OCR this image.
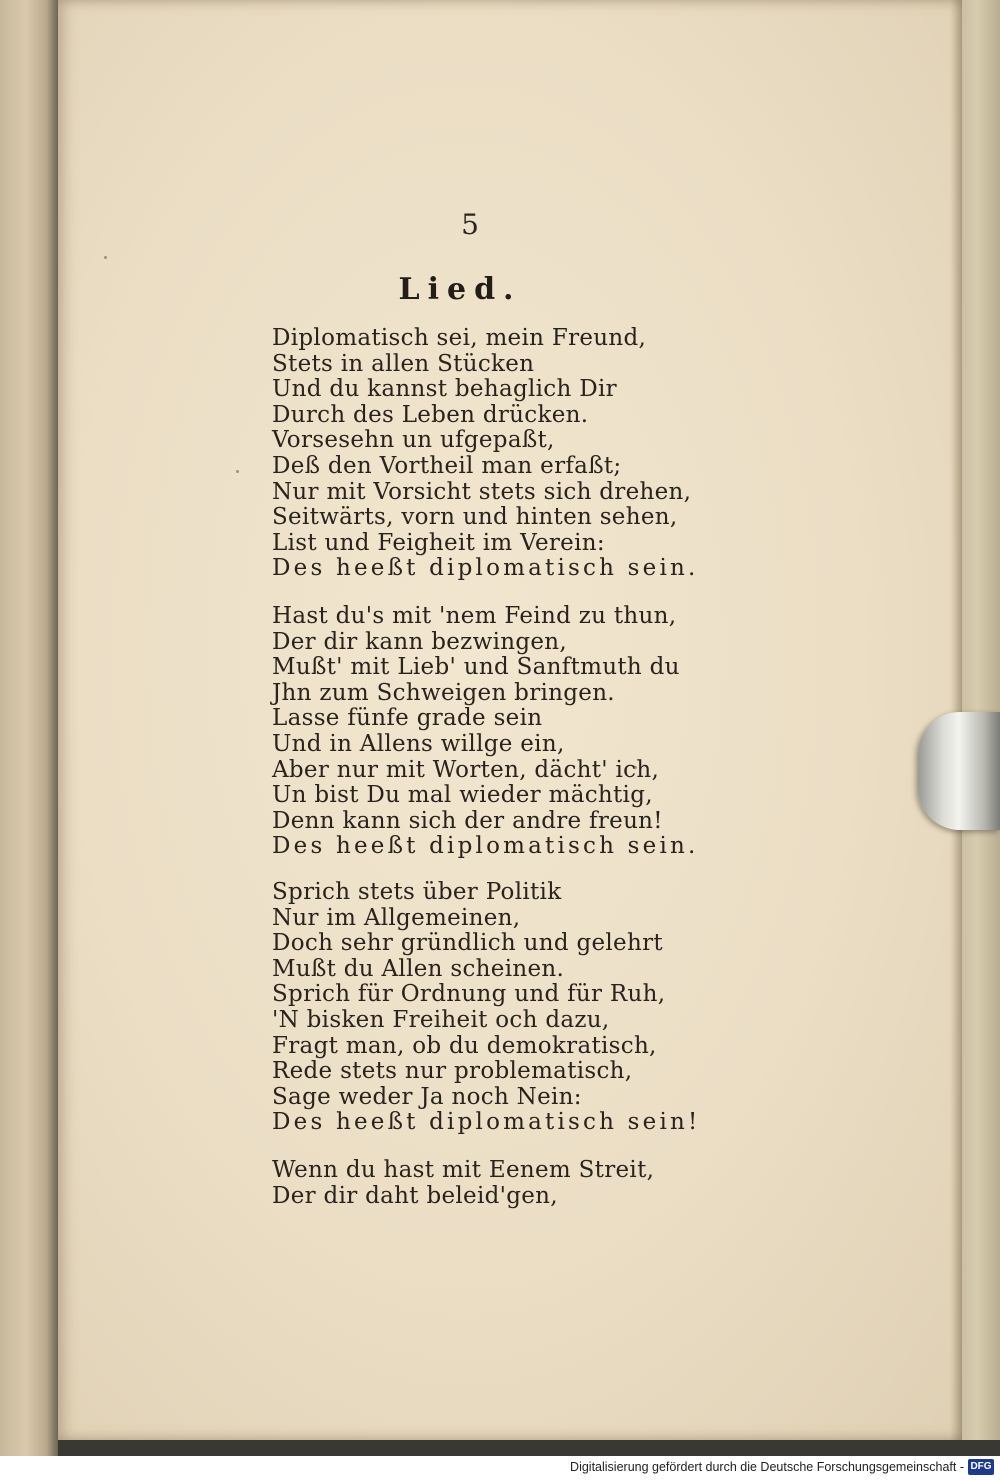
5
Lied.
Diplomatisch sei, mein Freund,
Stets in allen Stücken
Und du kannst behaglich Dir
Durch des Leben drücken.
Vorsesehn un ufgepaßt,
Deß den Vortheil man erfaßt;
Nur mit Vorsicht stets sich drehen,
Seitwärts, vorn und hinten sehen,
List und Feigheit im Verein:
Des heeßt diplomatisch sein.
Hast du's mit 'nem Feind zu thun,
Der dir kann bezwingen,
Mußt' mit Lieb' und Sanftmuth du
Jhn zum Schweigen bringen.
Lasse fünfe grade sein
Und in Allens willge ein,
Aber nur mit Worten, dächt' ich,
Un bist Du mal wieder mächtig,
Denn kann sich der andre freun!
Des heeßt diplomatisch sein.
Sprich stets über Politik
Nur im Allgemeinen,
Doch sehr gründlich und gelehrt
Mußt du Allen scheinen.
Sprich für Ordnung und für Ruh,
'N bisken Freiheit och dazu,
Fragt man, ob du demokratisch,
Rede stets nur problematisch,
Sage weder Ja noch Nein:
Des heeßt diplomatisch sein!
Wenn du hast mit Eenem Streit,
Der dir daht beleid'gen,
Digitalisierung gefördert durch die Deutsche Forschungsgemeinschaft - DFG
